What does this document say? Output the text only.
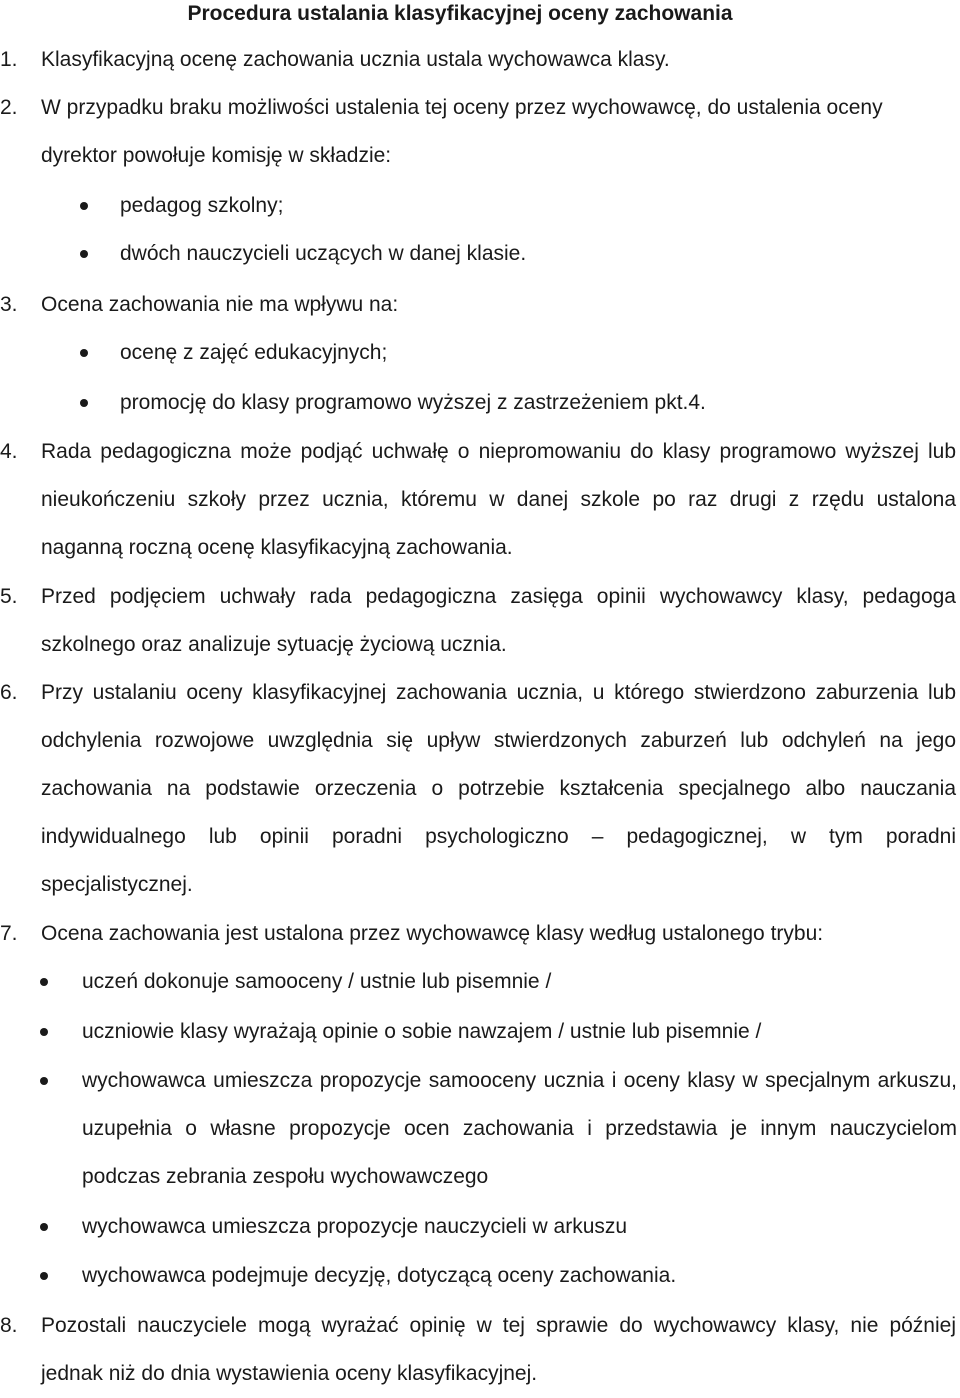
Procedura ustalania klasyfikacyjnej oceny zachowania
1.	Klasyfikacyjną ocenę zachowania ucznia ustala wychowawca klasy.
2.	W przypadku braku możliwości ustalenia tej oceny przez wychowawcę, do ustalenia oceny dyrektor powołuje komisję w składzie:
pedagog szkolny;
dwóch nauczycieli uczących w danej klasie.
3.	Ocena zachowania nie ma wpływu na:
ocenę z zajęć edukacyjnych;
promocję do klasy programowo wyższej z zastrzeżeniem pkt.4.
4.	Rada pedagogiczna może podjąć uchwałę o niepromowaniu do klasy programowo wyższej lub nieukończeniu szkoły przez ucznia, któremu w danej szkole po raz drugi z rzędu ustalona naganną roczną ocenę klasyfikacyjną zachowania.
5.	Przed podjęciem uchwały rada pedagogiczna zasięga opinii wychowawcy klasy, pedagoga szkolnego oraz analizuje sytuację życiową ucznia.
6.	Przy ustalaniu oceny klasyfikacyjnej zachowania ucznia, u którego stwierdzono zaburzenia lub odchylenia rozwojowe uwzględnia się upływ stwierdzonych zaburzeń lub odchyleń na jego zachowania na podstawie orzeczenia o potrzebie kształcenia specjalnego albo nauczania indywidualnego lub opinii poradni psychologiczno – pedagogicznej, w tym poradni specjalistycznej.
7.	Ocena zachowania jest ustalona przez wychowawcę klasy według ustalonego trybu:
uczeń dokonuje samooceny / ustnie lub pisemnie /
uczniowie klasy wyrażają opinie o sobie nawzajem / ustnie lub pisemnie /
wychowawca umieszcza propozycje samooceny ucznia i oceny klasy w specjalnym arkuszu, uzupełnia o własne propozycje ocen zachowania i przedstawia je innym nauczycielom podczas zebrania zespołu wychowawczego
wychowawca umieszcza propozycje nauczycieli w arkuszu
wychowawca podejmuje decyzję, dotyczącą oceny zachowania.
8.	Pozostali nauczyciele mogą wyrażać opinię w tej sprawie do wychowawcy klasy, nie później jednak niż do dnia wystawienia oceny klasyfikacyjnej.
